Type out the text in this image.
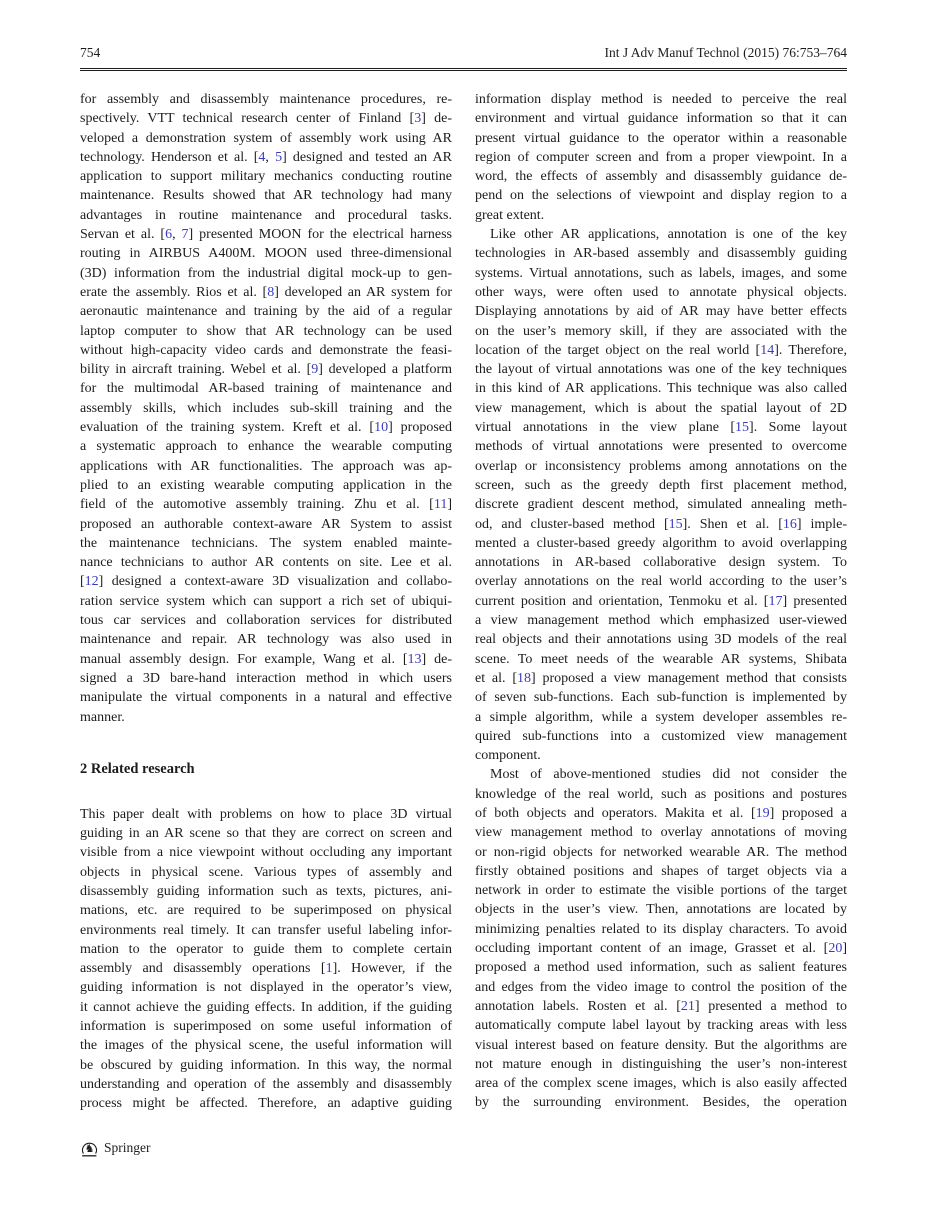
754	Int J Adv Manuf Technol (2015) 76:753–764
for assembly and disassembly maintenance procedures, re-
spectively. VTT technical research center of Finland [3] de-
veloped a demonstration system of assembly work using AR
technology. Henderson et al. [4, 5] designed and tested an AR
application to support military mechanics conducting routine
maintenance. Results showed that AR technology had many
advantages in routine maintenance and procedural tasks.
Servan et al. [6, 7] presented MOON for the electrical harness
routing in AIRBUS A400M. MOON used three-dimensional
(3D) information from the industrial digital mock-up to gen-
erate the assembly. Rios et al. [8] developed an AR system for
aeronautic maintenance and training by the aid of a regular
laptop computer to show that AR technology can be used
without high-capacity video cards and demonstrate the feasi-
bility in aircraft training. Webel et al. [9] developed a platform
for the multimodal AR-based training of maintenance and
assembly skills, which includes sub-skill training and the
evaluation of the training system. Kreft et al. [10] proposed
a systematic approach to enhance the wearable computing
applications with AR functionalities. The approach was ap-
plied to an existing wearable computing application in the
field of the automotive assembly training. Zhu et al. [11]
proposed an authorable context-aware AR System to assist
the maintenance technicians. The system enabled mainte-
nance technicians to author AR contents on site. Lee et al.
[12] designed a context-aware 3D visualization and collabo-
ration service system which can support a rich set of ubiqui-
tous car services and collaboration services for distributed
maintenance and repair. AR technology was also used in
manual assembly design. For example, Wang et al. [13] de-
signed a 3D bare-hand interaction method in which users
manipulate the virtual components in a natural and effective
manner.
2 Related research
This paper dealt with problems on how to place 3D virtual
guiding in an AR scene so that they are correct on screen and
visible from a nice viewpoint without occluding any important
objects in physical scene. Various types of assembly and
disassembly guiding information such as texts, pictures, ani-
mations, etc. are required to be superimposed on physical
environments real timely. It can transfer useful labeling infor-
mation to the operator to guide them to complete certain
assembly and disassembly operations [1]. However, if the
guiding information is not displayed in the operator’s view,
it cannot achieve the guiding effects. In addition, if the guiding
information is superimposed on some useful information of
the images of the physical scene, the useful information will
be obscured by guiding information. In this way, the normal
understanding and operation of the assembly and disassembly
process might be affected. Therefore, an adaptive guiding
information display method is needed to perceive the real
environment and virtual guidance information so that it can
present virtual guidance to the operator within a reasonable
region of computer screen and from a proper viewpoint. In a
word, the effects of assembly and disassembly guidance de-
pend on the selections of viewpoint and display region to a
great extent.
Like other AR applications, annotation is one of the key
technologies in AR-based assembly and disassembly guiding
systems. Virtual annotations, such as labels, images, and some
other ways, were often used to annotate physical objects.
Displaying annotations by aid of AR may have better effects
on the user’s memory skill, if they are associated with the
location of the target object on the real world [14]. Therefore,
the layout of virtual annotations was one of the key techniques
in this kind of AR applications. This technique was also called
view management, which is about the spatial layout of 2D
virtual annotations in the view plane [15]. Some layout
methods of virtual annotations were presented to overcome
overlap or inconsistency problems among annotations on the
screen, such as the greedy depth first placement method,
discrete gradient descent method, simulated annealing meth-
od, and cluster-based method [15]. Shen et al. [16] imple-
mented a cluster-based greedy algorithm to avoid overlapping
annotations in AR-based collaborative design system. To
overlay annotations on the real world according to the user’s
current position and orientation, Tenmoku et al. [17] presented
a view management method which emphasized user-viewed
real objects and their annotations using 3D models of the real
scene. To meet needs of the wearable AR systems, Shibata
et al. [18] proposed a view management method that consists
of seven sub-functions. Each sub-function is implemented by
a simple algorithm, while a system developer assembles re-
quired sub-functions into a customized view management
component.
Most of above-mentioned studies did not consider the
knowledge of the real world, such as positions and postures
of both objects and operators. Makita et al. [19] proposed a
view management method to overlay annotations of moving
or non-rigid objects for networked wearable AR. The method
firstly obtained positions and shapes of target objects via a
network in order to estimate the visible portions of the target
objects in the user’s view. Then, annotations are located by
minimizing penalties related to its display characters. To avoid
occluding important content of an image, Grasset et al. [20]
proposed a method used information, such as salient features
and edges from the video image to control the position of the
annotation labels. Rosten et al. [21] presented a method to
automatically compute label layout by tracking areas with less
visual interest based on feature density. But the algorithms are
not mature enough in distinguishing the user’s non-interest
area of the complex scene images, which is also easily affected
by the surrounding environment. Besides, the operation
♞ Springer
